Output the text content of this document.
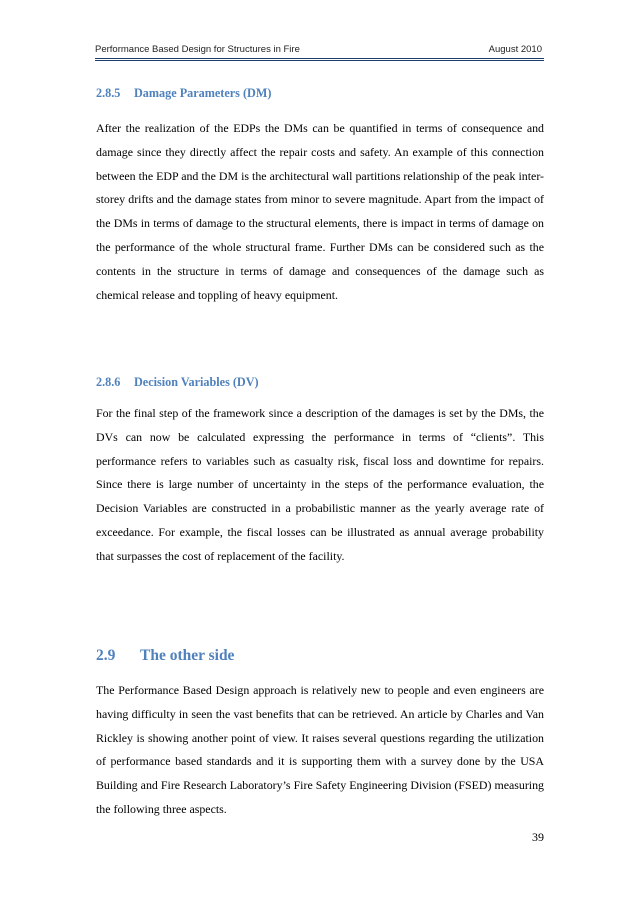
Performance Based Design for Structures in Fire	August 2010
2.8.5 Damage Parameters (DM)

After the realization of the EDPs the DMs can be quantified in terms of consequence and damage since they directly affect the repair costs and safety. An example of this connection between the EDP and the DM is the architectural wall partitions relationship of the peak inter-storey drifts and the damage states from minor to severe magnitude. Apart from the impact of the DMs in terms of damage to the structural elements, there is impact in terms of damage on the performance of the whole structural frame. Further DMs can be considered such as the contents in the structure in terms of damage and consequences of the damage such as chemical release and toppling of heavy equipment.

2.8.6 Decision Variables (DV)

For the final step of the framework since a description of the damages is set by the DMs, the DVs can now be calculated expressing the performance in terms of “clients”. This performance refers to variables such as casualty risk, fiscal loss and downtime for repairs. Since there is large number of uncertainty in the steps of the performance evaluation, the Decision Variables are constructed in a probabilistic manner as the yearly average rate of exceedance. For example, the fiscal losses can be illustrated as annual average probability that surpasses the cost of replacement of the facility.

2.9 The other side

The Performance Based Design approach is relatively new to people and even engineers are having difficulty in seen the vast benefits that can be retrieved. An article by Charles and Van Rickley is showing another point of view. It raises several questions regarding the utilization of performance based standards and it is supporting them with a survey done by the USA Building and Fire Research Laboratory’s Fire Safety Engineering Division (FSED) measuring the following three aspects.

39
